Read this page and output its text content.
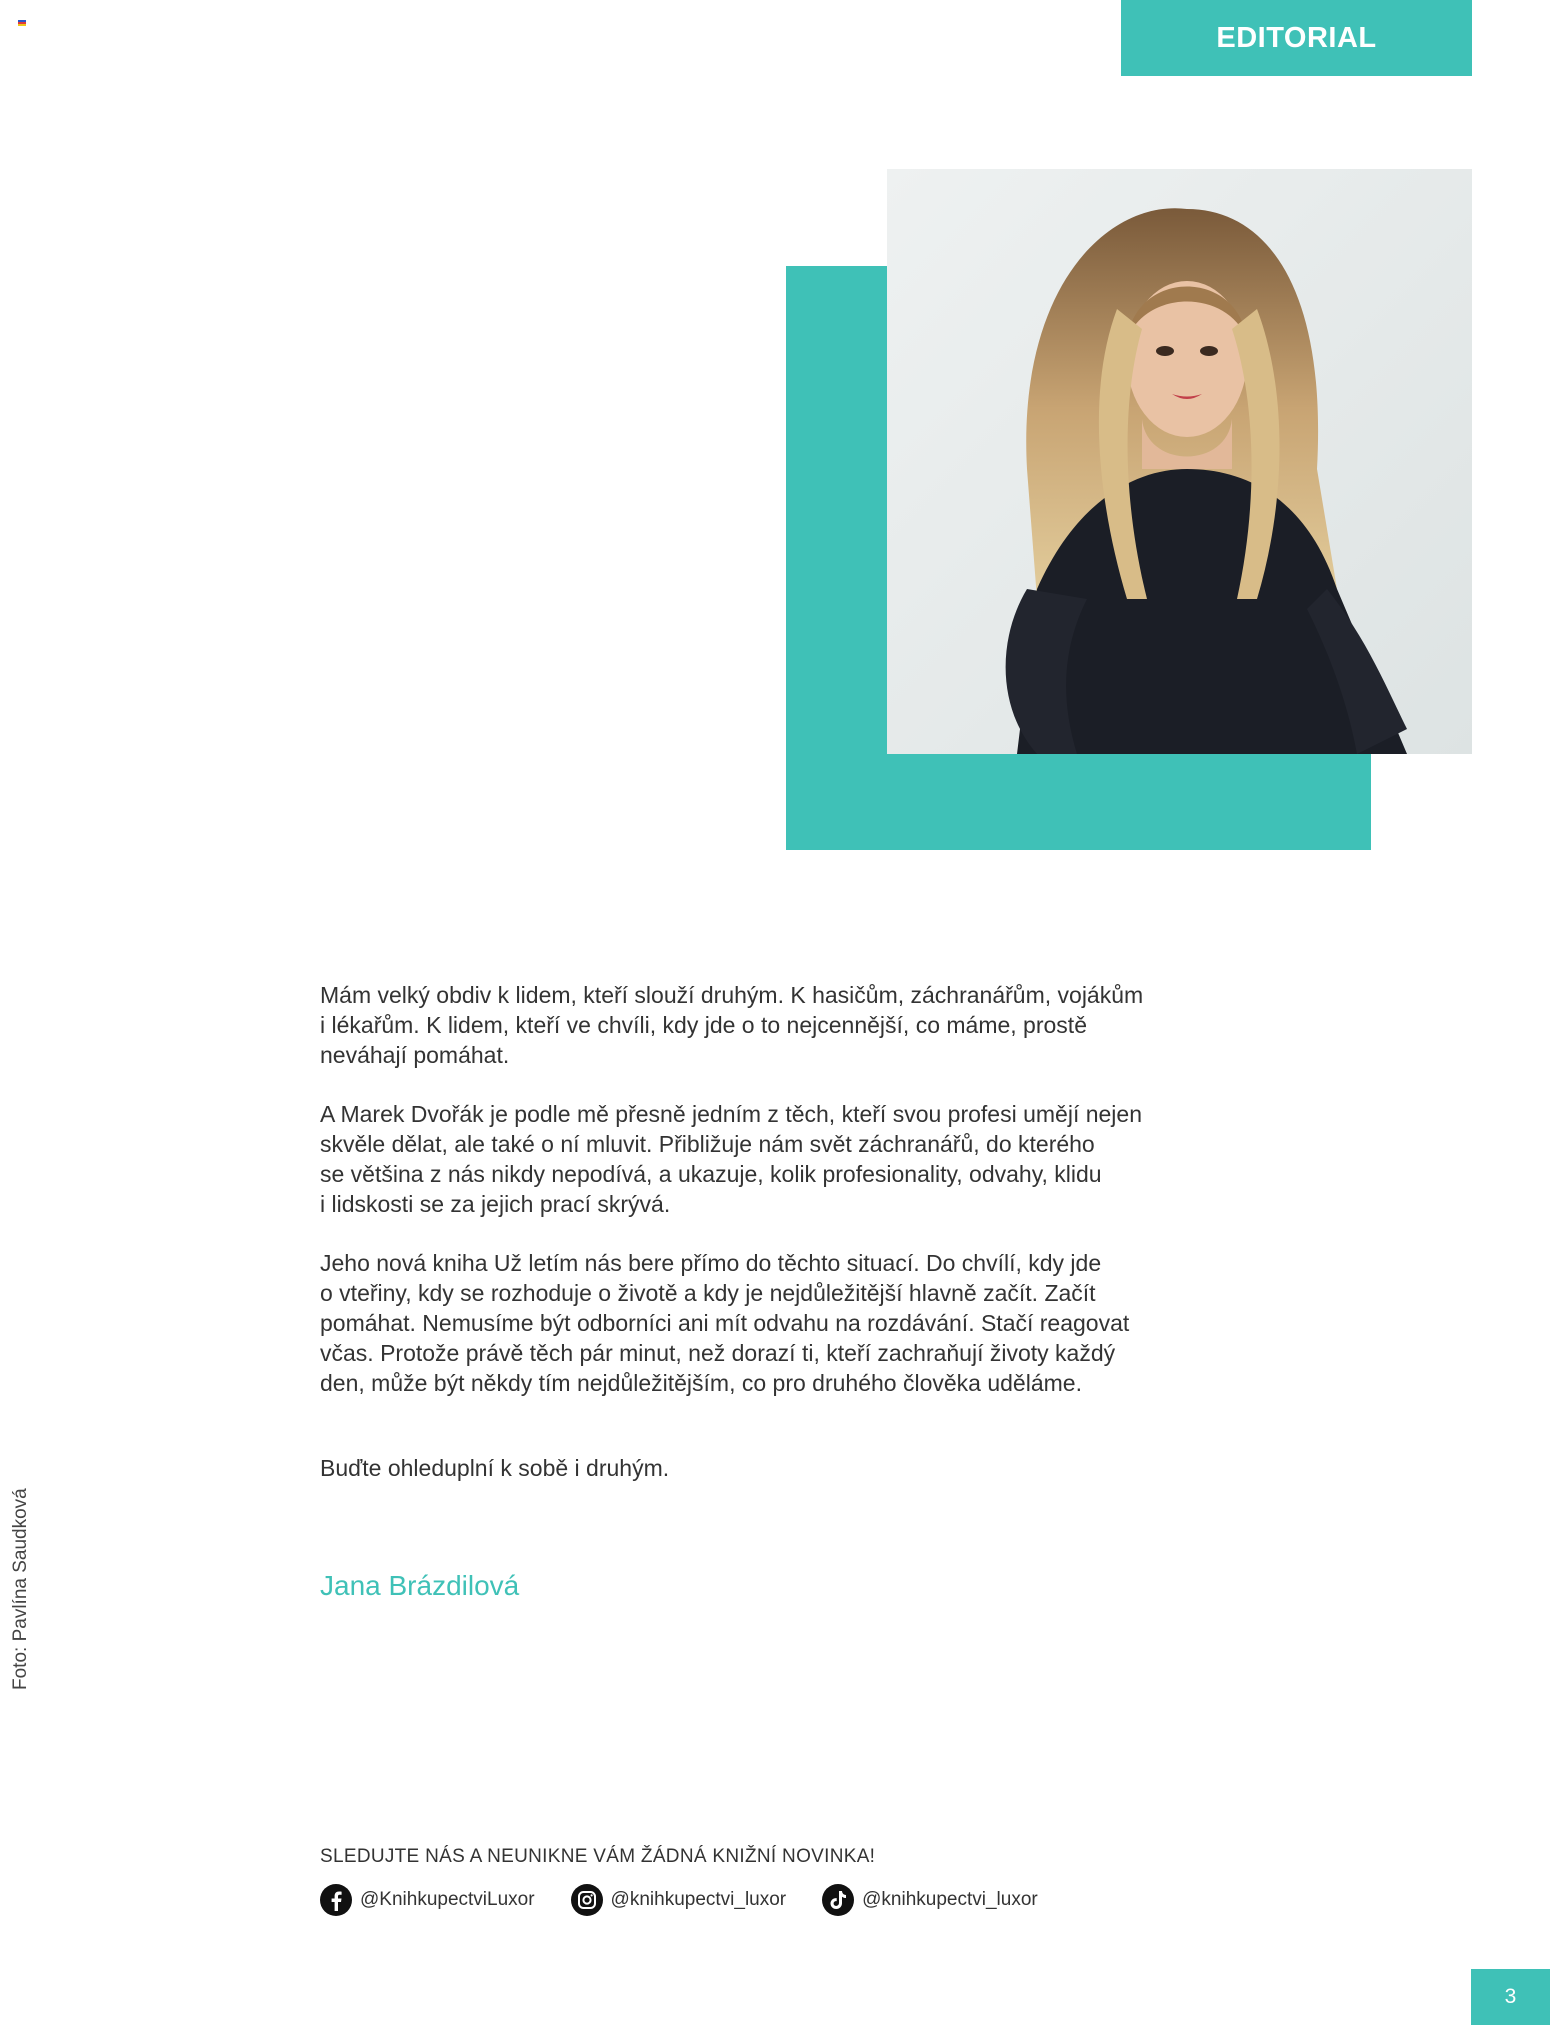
EDITORIAL

Mám velký obdiv k lidem, kteří slouží druhým. K hasičům, záchranářům, vojákům
i lékařům. K lidem, kteří ve chvíli, kdy jde o to nejcennější, co máme, prostě
neváhají pomáhat.

A Marek Dvořák je podle mě přesně jedním z těch, kteří svou profesi umějí nejen
skvěle dělat, ale také o ní mluvit. Přibližuje nám svět záchranářů, do kterého
se většina z nás nikdy nepodívá, a ukazuje, kolik profesionality, odvahy, klidu
i lidskosti se za jejich prací skrývá.

Jeho nová kniha Už letím nás bere přímo do těchto situací. Do chvílí, kdy jde
o vteřiny, kdy se rozhoduje o životě a kdy je nejdůležitější hlavně začít. Začít
pomáhat. Nemusíme být odborníci ani mít odvahu na rozdávání. Stačí reagovat
včas. Protože právě těch pár minut, než dorazí ti, kteří zachraňují životy každý
den, může být někdy tím nejdůležitějším, co pro druhého člověka uděláme.

Buďte ohleduplní k sobě i druhým.
Jana Brázdilová
Foto: Pavlína Saudková
SLEDUJTE NÁS A NEUNIKNE VÁM ŽÁDNÁ KNIŽNÍ NOVINKA!
@KnihkupectviLuxor	@knihkupectvi_luxor	@knihkupectvi_luxor
3
